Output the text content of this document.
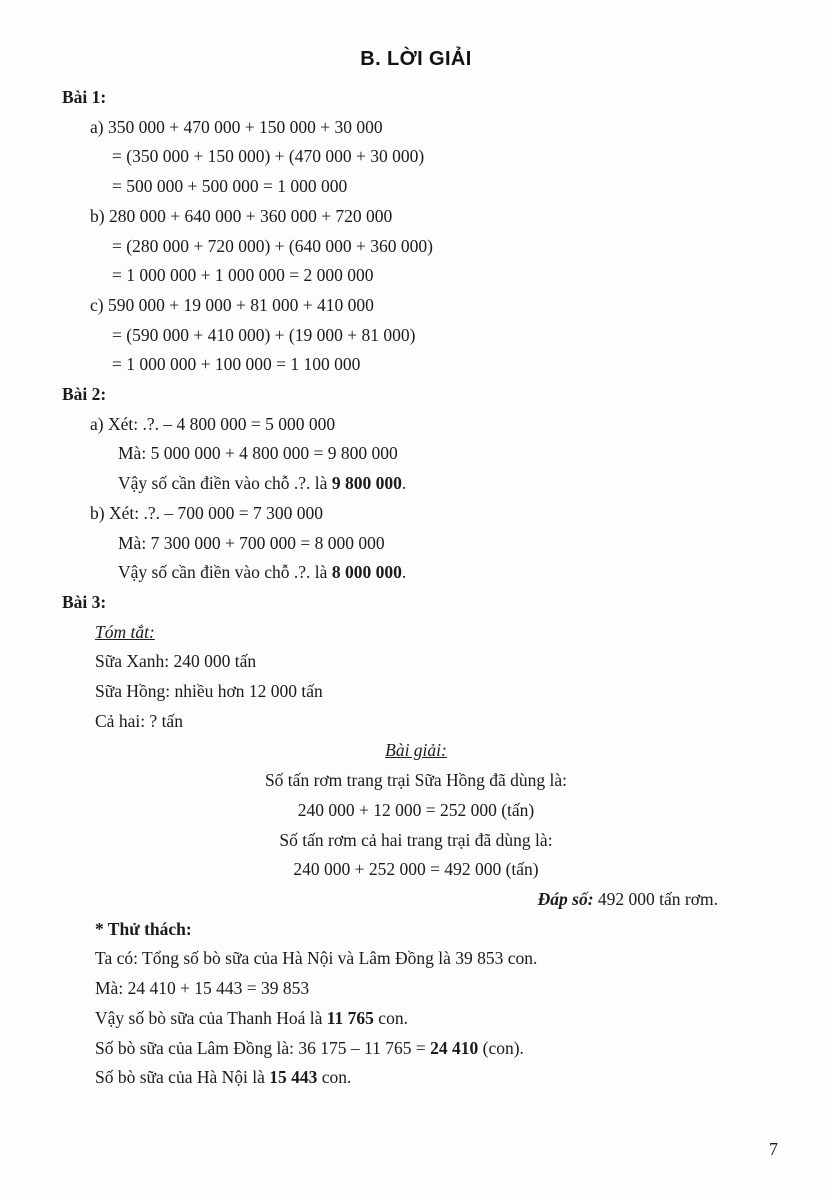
B. LỜI GIẢI
Bài 1:
a) 350 000 + 470 000 + 150 000 + 30 000
= (350 000 + 150 000) + (470 000 + 30 000)
= 500 000 + 500 000 = 1 000 000
b) 280 000 + 640 000 + 360 000 + 720 000
= (280 000 + 720 000) + (640 000 + 360 000)
= 1 000 000 + 1 000 000 = 2 000 000
c) 590 000 + 19 000 + 81 000 + 410 000
= (590 000 + 410 000) + (19 000 + 81 000)
= 1 000 000 + 100 000 = 1 100 000
Bài 2:
a) Xét: .?. – 4 800 000 = 5 000 000
Mà: 5 000 000 + 4 800 000 = 9 800 000
Vậy số cần điền vào chỗ .?. là 9 800 000.
b) Xét: .?. – 700 000 = 7 300 000
Mà: 7 300 000 + 700 000 = 8 000 000
Vậy số cần điền vào chỗ .?. là 8 000 000.
Bài 3:
Tóm tắt:
Sữa Xanh: 240 000 tấn
Sữa Hồng: nhiều hơn 12 000 tấn
Cả hai: ? tấn
Bài giải:
Số tấn rơm trang trại Sữa Hồng đã dùng là:
240 000 + 12 000 = 252 000 (tấn)
Số tấn rơm cả hai trang trại đã dùng là:
240 000 + 252 000 = 492 000 (tấn)
Đáp số: 492 000 tấn rơm.
* Thử thách:
Ta có: Tổng số bò sữa của Hà Nội và Lâm Đồng là 39 853 con.
Mà: 24 410 + 15 443 = 39 853
Vậy số bò sữa của Thanh Hoá là 11 765 con.
Số bò sữa của Lâm Đồng là: 36 175 – 11 765 = 24 410 (con).
Số bò sữa của Hà Nội là 15 443 con.
7
